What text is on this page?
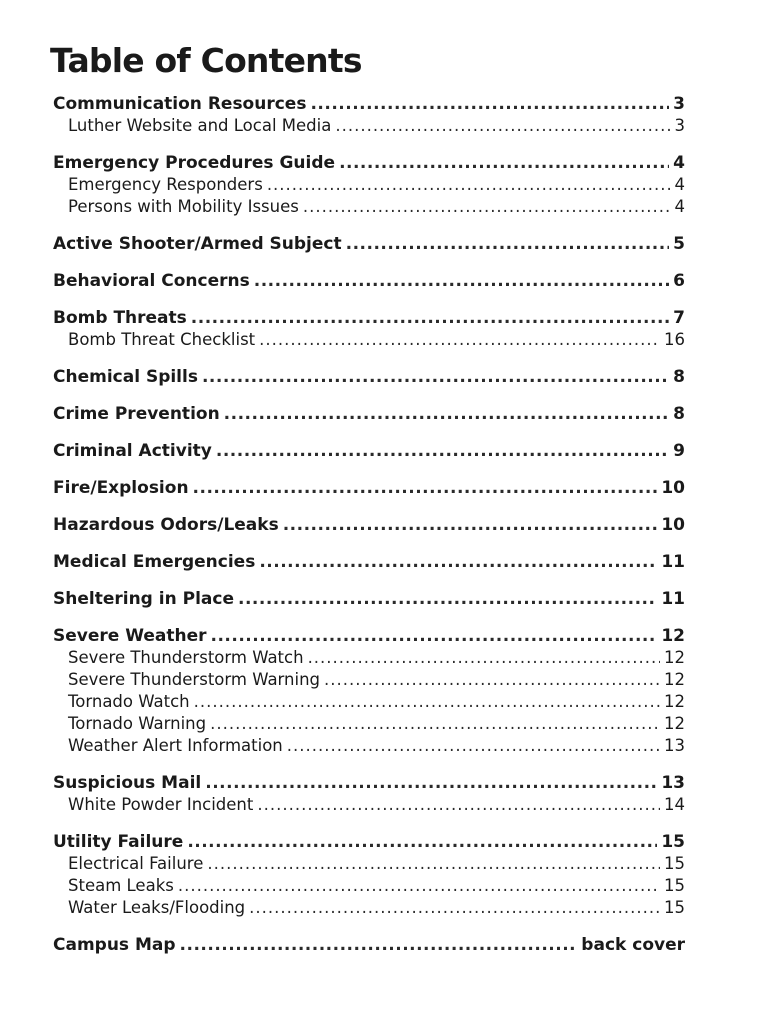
Table of Contents
Communication Resources .....	3
Luther Website and Local Media .....	3
Emergency Procedures Guide .....	4
Emergency Responders .....	4
Persons with Mobility Issues .....	4
Active Shooter/Armed Subject .....	5
Behavioral Concerns .....	6
Bomb Threats .....	7
Bomb Threat Checklist .....	16
Chemical Spills .....	8
Crime Prevention .....	8
Criminal Activity .....	9
Fire/Explosion .....	10
Hazardous Odors/Leaks .....	10
Medical Emergencies .....	11
Sheltering in Place .....	11
Severe Weather .....	12
Severe Thunderstorm Watch .....	12
Severe Thunderstorm Warning .....	12
Tornado Watch .....	12
Tornado Warning .....	12
Weather Alert Information .....	13
Suspicious Mail .....	13
White Powder Incident .....	14
Utility Failure .....	15
Electrical Failure .....	15
Steam Leaks .....	15
Water Leaks/Flooding .....	15
Campus Map .....	back cover
